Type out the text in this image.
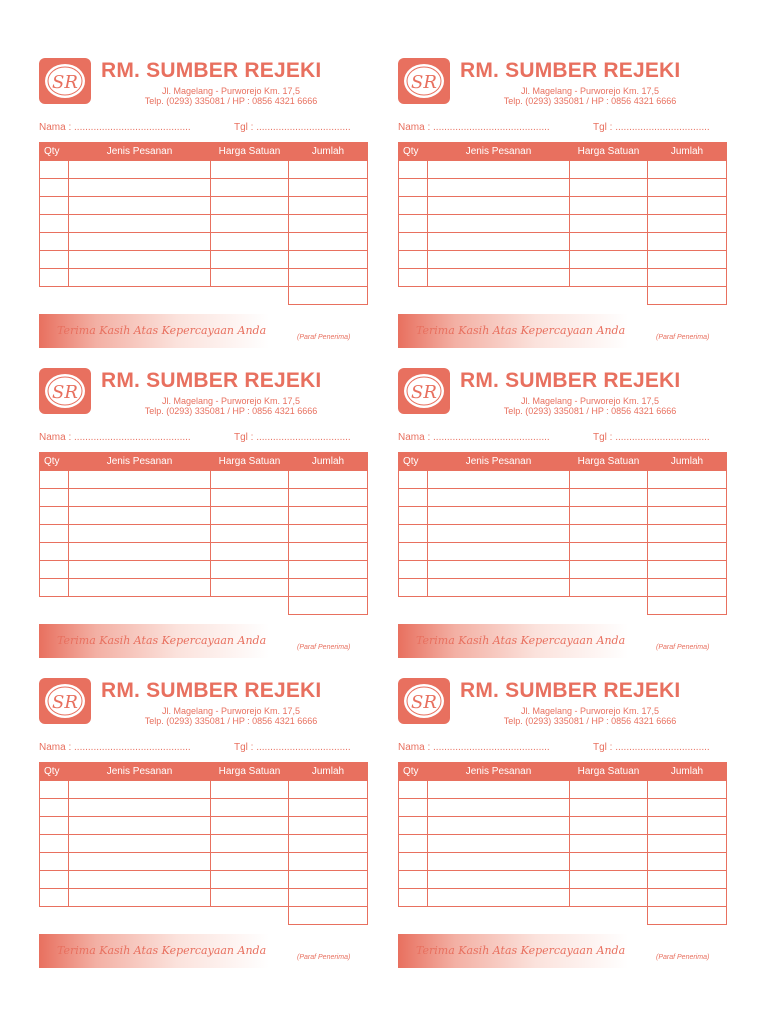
SR
RM. SUMBER REJEKI
Jl. Magelang - Purworejo Km. 17,5
Telp. (0293) 335081 / HP : 0856 4321 6666
Nama : ..........................................	Tgl : ..................................
Qty	Jenis Pesanan	Harga Satuan	Jumlah

Terima Kasih Atas Kepercayaan Anda
(Paraf Penerima)
SR
RM. SUMBER REJEKI
Jl. Magelang - Purworejo Km. 17,5
Telp. (0293) 335081 / HP : 0856 4321 6666
Nama : ..........................................	Tgl : ..................................
Qty	Jenis Pesanan	Harga Satuan	Jumlah

Terima Kasih Atas Kepercayaan Anda
(Paraf Penerima)
SR
RM. SUMBER REJEKI
Jl. Magelang - Purworejo Km. 17,5
Telp. (0293) 335081 / HP : 0856 4321 6666
Nama : ..........................................	Tgl : ..................................
Qty	Jenis Pesanan	Harga Satuan	Jumlah

Terima Kasih Atas Kepercayaan Anda
(Paraf Penerima)
SR
RM. SUMBER REJEKI
Jl. Magelang - Purworejo Km. 17,5
Telp. (0293) 335081 / HP : 0856 4321 6666
Nama : ..........................................	Tgl : ..................................
Qty	Jenis Pesanan	Harga Satuan	Jumlah

Terima Kasih Atas Kepercayaan Anda
(Paraf Penerima)
SR
RM. SUMBER REJEKI
Jl. Magelang - Purworejo Km. 17,5
Telp. (0293) 335081 / HP : 0856 4321 6666
Nama : ..........................................	Tgl : ..................................
Qty	Jenis Pesanan	Harga Satuan	Jumlah

Terima Kasih Atas Kepercayaan Anda
(Paraf Penerima)
SR
RM. SUMBER REJEKI
Jl. Magelang - Purworejo Km. 17,5
Telp. (0293) 335081 / HP : 0856 4321 6666
Nama : ..........................................	Tgl : ..................................
Qty	Jenis Pesanan	Harga Satuan	Jumlah

Terima Kasih Atas Kepercayaan Anda
(Paraf Penerima)
